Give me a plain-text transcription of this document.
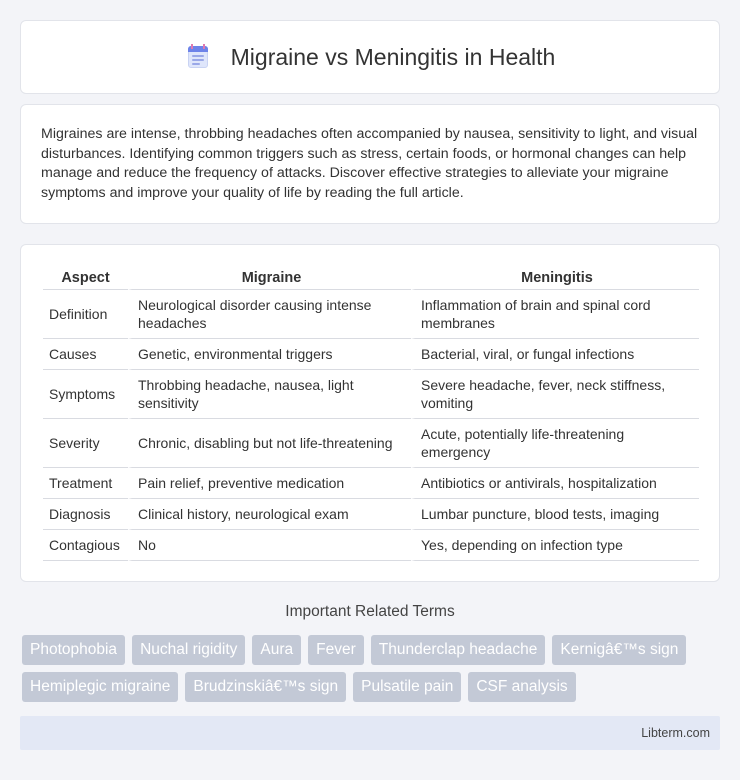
Migraine vs Meningitis in Health

Migraines are intense, throbbing headaches often accompanied by nausea, sensitivity to light, and visual disturbances. Identifying common triggers such as stress, certain foods, or hormonal changes can help manage and reduce the frequency of attacks. Discover effective strategies to alleviate your migraine symptoms and improve your quality of life by reading the full article.

Aspect	Migraine	Meningitis
Definition	Neurological disorder causing intense headaches	Inflammation of brain and spinal cord membranes
Causes	Genetic, environmental triggers	Bacterial, viral, or fungal infections
Symptoms	Throbbing headache, nausea, light sensitivity	Severe headache, fever, neck stiffness, vomiting
Severity	Chronic, disabling but not life-threatening	Acute, potentially life-threatening emergency
Treatment	Pain relief, preventive medication	Antibiotics or antivirals, hospitalization
Diagnosis	Clinical history, neurological exam	Lumbar puncture, blood tests, imaging
Contagious	No	Yes, depending on infection type
Important Related Terms
Photophobia	Nuchal rigidity	Aura	Fever	Thunderclap headache	Kernigâ€™s sign
Hemiplegic migraine	Brudzinskiâ€™s sign	Pulsatile pain	CSF analysis
Libterm.com
